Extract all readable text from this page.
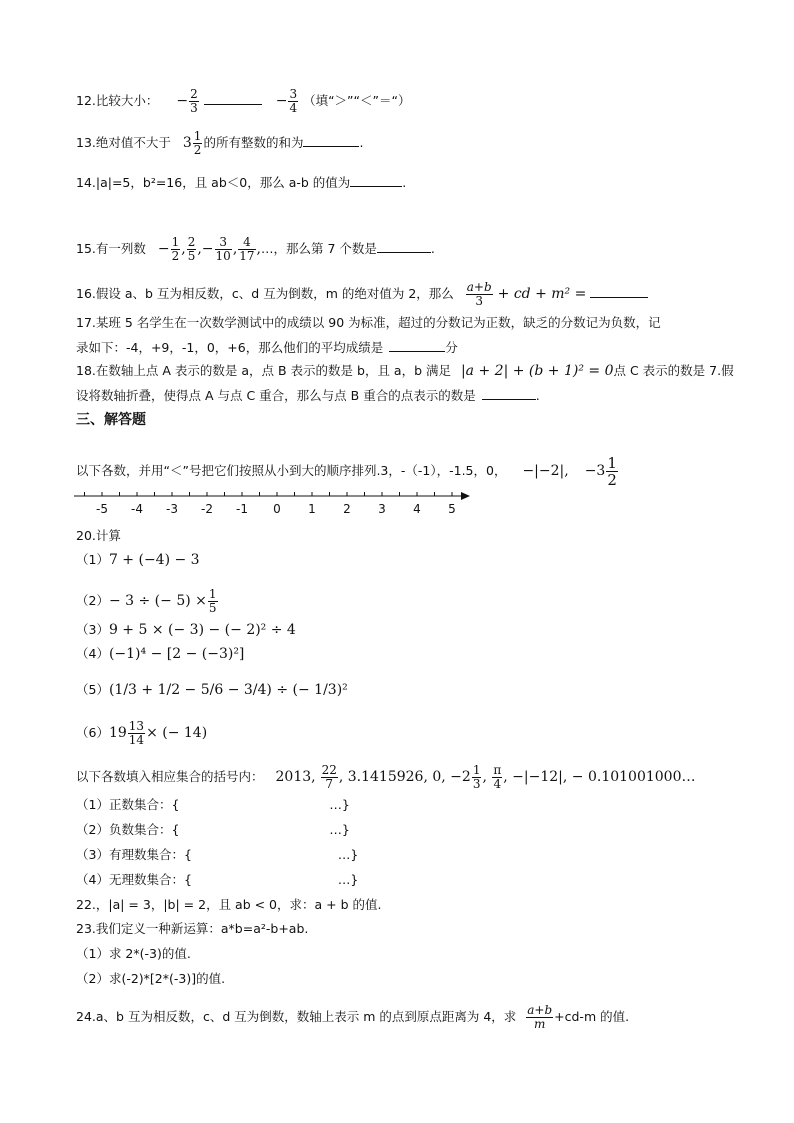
12.比较大小： − $\frac{2}{3}$	− $\frac{3}{4}$ （填“＞”“＜”＝“）
13.绝对值不大于 $3 \frac{1}{2}$ 的所有整数的和为	.
14.|a|=5，b²=16，且 ab＜0，那么 a-b 的值为	.
15.有一列数 − $\frac{1}{2}$ , $\frac{2}{5}$ ,− $\frac{3}{10}$ , $\frac{4}{17}$ ,…，那么第 7 个数是	.
16.假设 a、b 互为相反数，c、d 互为倒数，m 的绝对值为 2，那么 $\frac{a+b}{3}$ + cd + m² =
17.某班 5 名学生在一次数学测试中的成绩以 90 为标准，超过的分数记为正数，缺乏的分数记为负数，记
录如下：-4，+9，-1，0，+6，那么他们的平均成绩是	分
18.在数轴上点 A 表示的数是 a，点 B 表示的数是 b，且 a，b 满足 |a + 2| + (b + 1)² = 0点 C 表示的数是 7.假
设将数轴折叠，使得点 A 与点 C 重合，那么与点 B 重合的点表示的数是	.
三、解答题
以下各数，并用“＜”号把它们按照从小到大的顺序排列.3，-（-1），-1.5，0， −|−2|, $-3 \frac{1}{2}$
-5 -4 -3 -2 -1 0 1 2 3 4 5
20.计算
（1）7 + (−4) − 3
（2）− 3 ÷ (− $5) \times \frac{1}{5}$
（3）9 + 5 × (− 3) − (− 2)² ÷ 4
（4）(−1)⁴ − [2 − (−3)²]
（5）(1/3 + 1/2 − 5/6 − 3/4) ÷ (− 1/3)²
$(6)19 \frac{13}{14}$ × (− 14)
以下各数填入相应集合的括号内： 2013, $\frac{22}{7}$ , 3.1415926, 0, $-2 \frac{1}{3}$ , $\frac{\pi}{4}$ , −|−12|, − 0.101001000…
（1）正数集合：{	…}
（2）负数集合：{	…}
（3）有理数集合：{	…}
（4）无理数集合：{	…}
22.，|a| = 3，|b| = 2，且 ab < 0，求：a + b 的值.
23.我们定义一种新运算：a*b=a²-b+ab.
（1）求 2*(-3)的值.
（2）求(-2)*[2*(-3)]的值.
24.a、b 互为相反数，c、d 互为倒数，数轴上表示 m 的点到原点距离为 4，求 $\frac{a+b}{m} +cd-m$ 的值.
